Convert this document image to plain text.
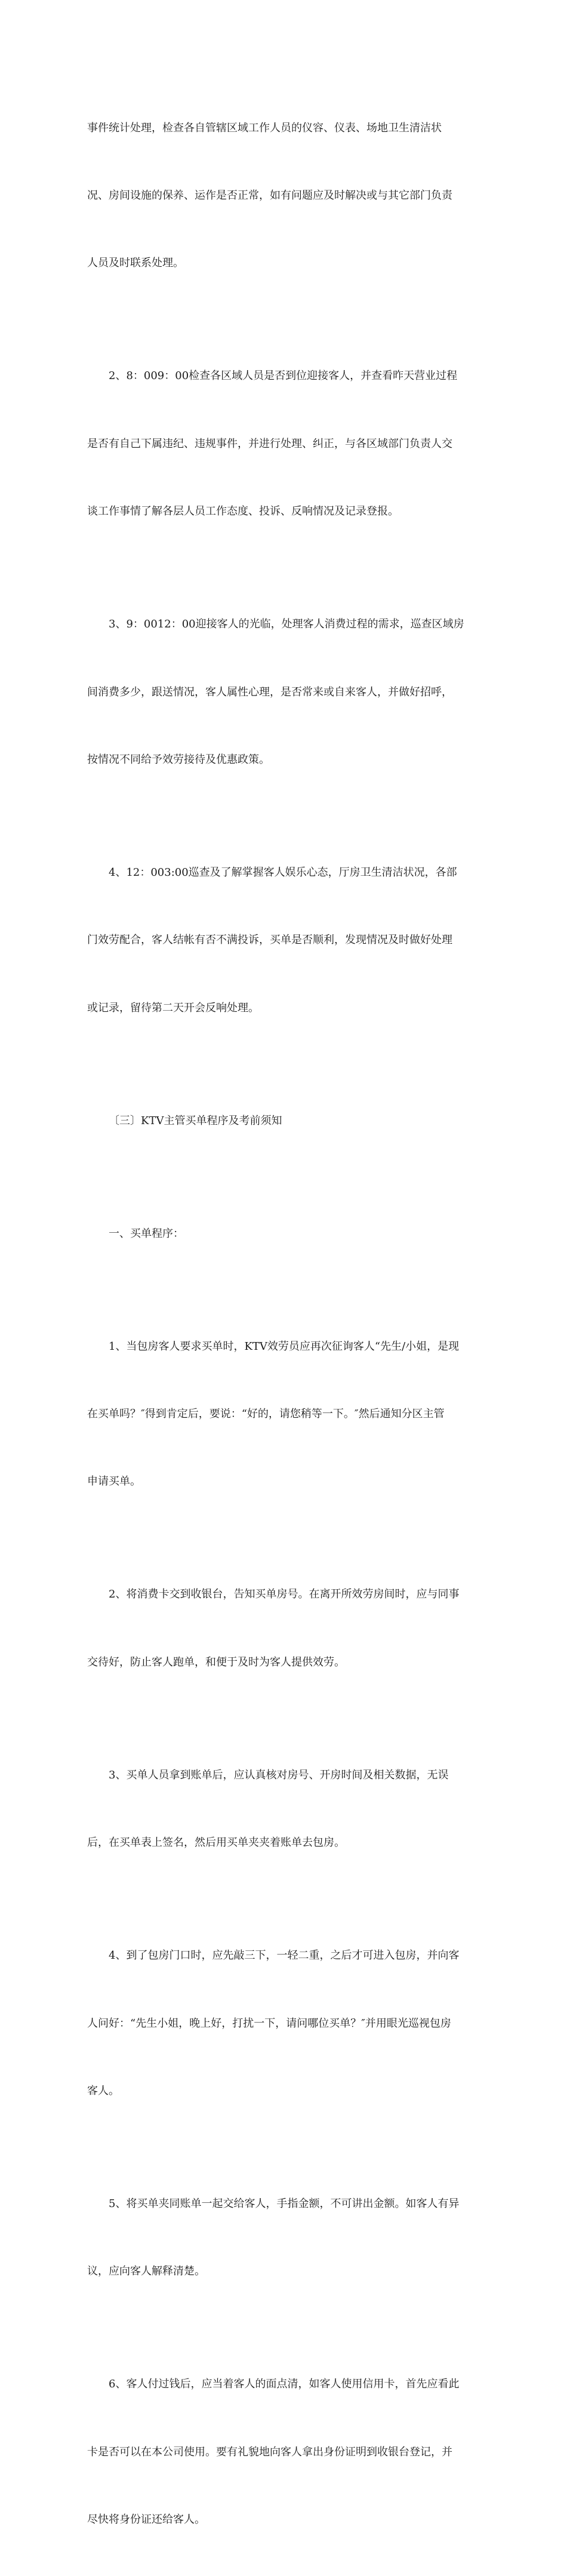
事件统计处理，检查各自管辖区域工作人员的仪容、仪表、场地卫生清洁状

况、房间设施的保养、运作是否正常，如有问题应及时解决或与其它部门负责

人员及时联系处理。

2、8：009：00检查各区域人员是否到位迎接客人，并查看昨天营业过程

是否有自己下属违纪、违规事件，并进行处理、纠正，与各区域部门负责人交

谈工作事情了解各层人员工作态度、投诉、反响情况及记录登报。

3、9：0012：00迎接客人的光临，处理客人消费过程的需求，巡查区域房

间消费多少，跟送情况，客人属性心理，是否常来或自来客人，并做好招呼，

按情况不同给予效劳接待及优惠政策。

4、12：003:00巡查及了解掌握客人娱乐心态，厅房卫生清洁状况，各部

门效劳配合，客人结帐有否不满投诉，买单是否顺利，发现情况及时做好处理

或记录，留待第二天开会反响处理。

〔三〕KTV主管买单程序及考前须知

一、买单程序：

1、当包房客人要求买单时，KTV效劳员应再次征询客人“先生/小姐，是现

在买单吗？″得到肯定后，要说：“好的，请您稍等一下。″然后通知分区主管

申请买单。

2、将消费卡交到收银台，告知买单房号。在离开所效劳房间时，应与同事

交待好，防止客人跑单，和便于及时为客人提供效劳。

3、买单人员拿到账单后，应认真核对房号、开房时间及相关数据，无误

后，在买单表上签名，然后用买单夹夹着账单去包房。

4、到了包房门口时，应先敲三下，一轻二重，之后才可进入包房，并向客

人问好：“先生小姐，晚上好，打扰一下，请问哪位买单？″并用眼光巡视包房

客人。

5、将买单夹同账单一起交给客人，手指金额，不可讲出金额。如客人有异

议，应向客人解释清楚。

6、客人付过钱后，应当着客人的面点清，如客人使用信用卡，首先应看此

卡是否可以在本公司使用。要有礼貌地向客人拿出身份证明到收银台登记，并

尽快将身份证还给客人。
